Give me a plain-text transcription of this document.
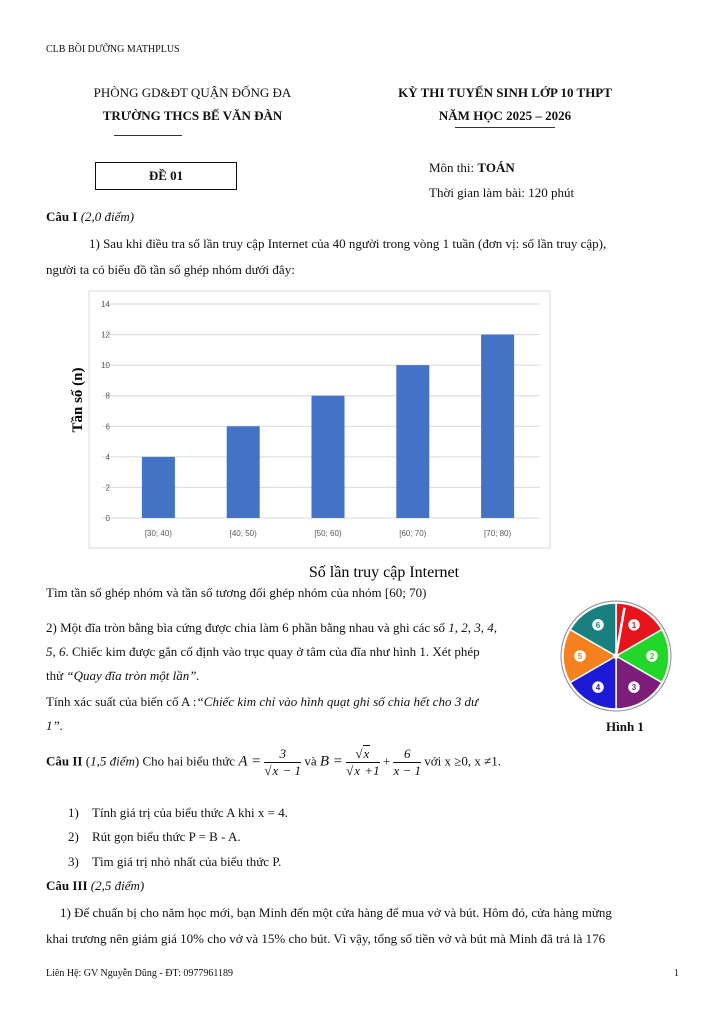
CLB BỒI DƯỠNG MATHPLUS
PHÒNG GD&ĐT QUẬN ĐỐNG ĐA
TRƯỜNG THCS BẾ VĂN ĐÀN
KỲ THI TUYỂN SINH LỚP 10 THPT
NĂM HỌC 2025 – 2026
ĐỀ 01
Môn thi: TOÁN
Thời gian làm bài: 120 phút
Câu I (2,0 điểm)
1) Sau khi điều tra số lần truy cập Internet của 40 người trong vòng 1 tuần (đơn vị: số lần truy cập),
người ta có biểu đồ tần số ghép nhóm dưới đây:
0
2
4
6
8
10
12
14
[30; 40)	[40; 50)	[50; 60)	[60; 70)	[70; 80)
Tần số (n)
Số lần truy cập Internet
Tìm tần số ghép nhóm và tần số tương đối ghép nhóm của nhóm [60; 70)
2) Một đĩa tròn bằng bìa cứng được chia làm 6 phần bằng nhau và ghi các số 1, 2, 3, 4,
5, 6. Chiếc kim được gắn cố định vào trục quay ở tâm của đĩa như hình 1. Xét phép
thử “Quay đĩa tròn một lần”.
Tính xác suất của biến cố A :“Chiếc kim chỉ vào hình quạt ghi số chia hết cho 3 dư
1”.
1
2
3
4
5
6
Hình 1
Câu II (1,5 điểm) Cho hai biểu thức $A = \frac{3}{√x - 1}$ và $B = \frac{√x}{√x +1} + \frac{6}{x - 1}$ với x ≥0, x ≠1.
1) Tính giá trị của biểu thức A khi x = 4.
2) Rút gọn biểu thức P = B - A.
3) Tìm giá trị nhỏ nhất của biểu thức P.
Câu III (2,5 điểm)
1) Để chuẩn bị cho năm học mới, bạn Minh đến một cửa hàng để mua vở và bút. Hôm đó, cửa hàng mừng
khai trương nên giảm giá 10% cho vở và 15% cho bút. Vì vậy, tổng số tiền vở và bút mà Minh đã trả là 176
Liên Hệ: GV Nguyễn Dũng - ĐT: 0977961189	1
